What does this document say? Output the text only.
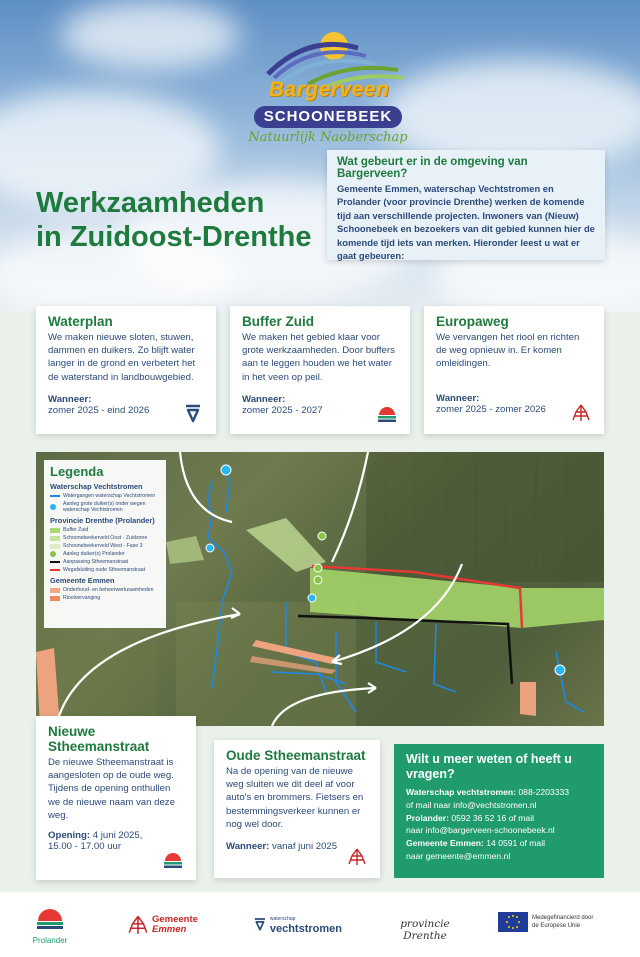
Bargerveen
SCHOONEBEEK
Natuurlijk Naoberschap
Werkzaamheden
in Zuidoost-Drenthe
Wat gebeurt er in de omgeving van Bargerveen?
Gemeente Emmen, waterschap Vechtstromen en Prolander (voor provincie Drenthe) werken de komende tijd aan verschillende projecten. Inwoners van (Nieuw) Schoonebeek en bezoekers van dit gebied kunnen hier de komende tijd iets van merken. Hieronder leest u wat er gaat gebeuren:
Waterplan
We maken nieuwe sloten, stuwen, dammen en duikers. Zo blijft water langer in de grond en verbetert het de waterstand in landbouwgebied.
Wanneer:
zomer 2025 - eind 2026
Buffer Zuid
We maken het gebied klaar voor grote werkzaamheden. Door buffers aan te leggen houden we het water in het veen op peil.
Wanneer:
zomer 2025 - 2027
Europaweg
We vervangen het riool en richten de weg opnieuw in. Er komen omleidingen.
Wanneer:
zomer 2025 - zomer 2026
Legenda
Waterschap Vechtstromen
Watergangen waterschap Vechtstromen
Aanleg grote duiker(s) onder wegen waterschap Vechtstromen
Provincie Drenthe (Prolander)
Buffer Zuid
Schoonebeekerveld Oost - Zuidzone
Schoonebeekerveld West - Fase 3
Aanleg duiker(s) Prolander
Aanpassing Stheemanstraat
Wegafsluiting oude Stheemanstraat
Gemeente Emmen
Onderhoud- en beheerwerkzaamheden
Rioolvervanging
Nieuwe
Stheemanstraat
De nieuwe Stheemanstraat is aangesloten op de oude weg. Tijdens de opening onthullen we de nieuwe naam van deze weg.
Opening: 4 juni 2025,
15.00 - 17.00 uur
Oude Stheemanstraat
Na de opening van de nieuwe weg sluiten we dit deel af voor auto's en brommers. Fietsers en bestemmingsverkeer kunnen er nog wel door.
Wanneer: vanaf juni 2025
Wilt u meer weten of heeft u vragen?
Waterschap vechtstromen: 088-2203333
of mail naar info@vechtstromen.nl
Prolander: 0592 36 52 16 of mail
naar info@bargerveen-schoonebeek.nl
Gemeente Emmen: 14 0591 of mail
naar gemeente@emmen.nl
Prolander
Gemeente
Emmen
waterschap
vechtstromen	provincie Drenthe
Medegefinancierd door
de Europese Unie
